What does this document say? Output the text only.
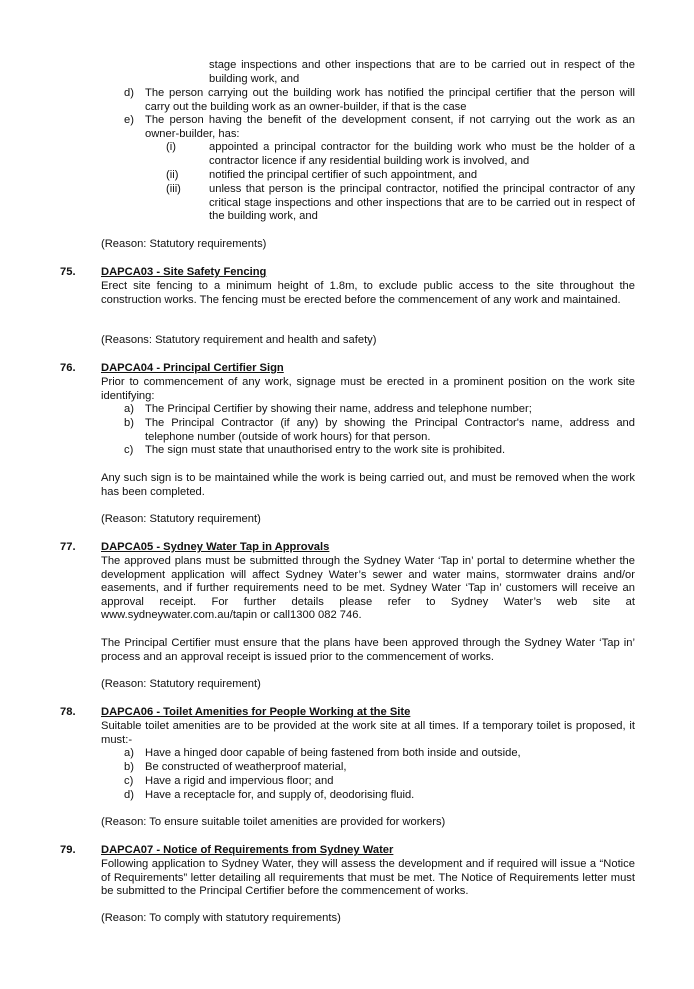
stage inspections and other inspections that are to be carried out in respect of the building work, and
d) The person carrying out the building work has notified the principal certifier that the person will carry out the building work as an owner-builder, if that is the case
e) The person having the benefit of the development consent, if not carrying out the work as an owner-builder, has:
(i)	appointed a principal contractor for the building work who must be the holder of a contractor licence if any residential building work is involved, and
(ii)	notified the principal certifier of such appointment, and
(iii)	unless that person is the principal contractor, notified the principal contractor of any critical stage inspections and other inspections that are to be carried out in respect of the building work, and
(Reason: Statutory requirements)
75. DAPCA03 - Site Safety Fencing
Erect site fencing to a minimum height of 1.8m, to exclude public access to the site throughout the construction works. The fencing must be erected before the commencement of any work and maintained.
(Reasons: Statutory requirement and health and safety)
76. DAPCA04 - Principal Certifier Sign
Prior to commencement of any work, signage must be erected in a prominent position on the work site identifying:
a) The Principal Certifier by showing their name, address and telephone number;
b) The Principal Contractor (if any) by showing the Principal Contractor's name, address and telephone number (outside of work hours) for that person.
c) The sign must state that unauthorised entry to the work site is prohibited.
Any such sign is to be maintained while the work is being carried out, and must be removed when the work has been completed.
(Reason: Statutory requirement)
77. DAPCA05 - Sydney Water Tap in Approvals
The approved plans must be submitted through the Sydney Water ‘Tap in’ portal to determine whether the development application will affect Sydney Water’s sewer and water mains, stormwater drains and/or easements, and if further requirements need to be met. Sydney Water ‘Tap in’ customers will receive an approval receipt. For further details please refer to Sydney Water’s web site at www.sydneywater.com.au/tapin or call1300 082 746.
The Principal Certifier must ensure that the plans have been approved through the Sydney Water ‘Tap in’ process and an approval receipt is issued prior to the commencement of works.
(Reason: Statutory requirement)
78. DAPCA06 - Toilet Amenities for People Working at the Site
Suitable toilet amenities are to be provided at the work site at all times. If a temporary toilet is proposed, it must:-
a) Have a hinged door capable of being fastened from both inside and outside,
b) Be constructed of weatherproof material,
c) Have a rigid and impervious floor; and
d) Have a receptacle for, and supply of, deodorising fluid.
(Reason: To ensure suitable toilet amenities are provided for workers)
79. DAPCA07 - Notice of Requirements from Sydney Water
Following application to Sydney Water, they will assess the development and if required will issue a “Notice of Requirements” letter detailing all requirements that must be met. The Notice of Requirements letter must be submitted to the Principal Certifier before the commencement of works.
(Reason: To comply with statutory requirements)
